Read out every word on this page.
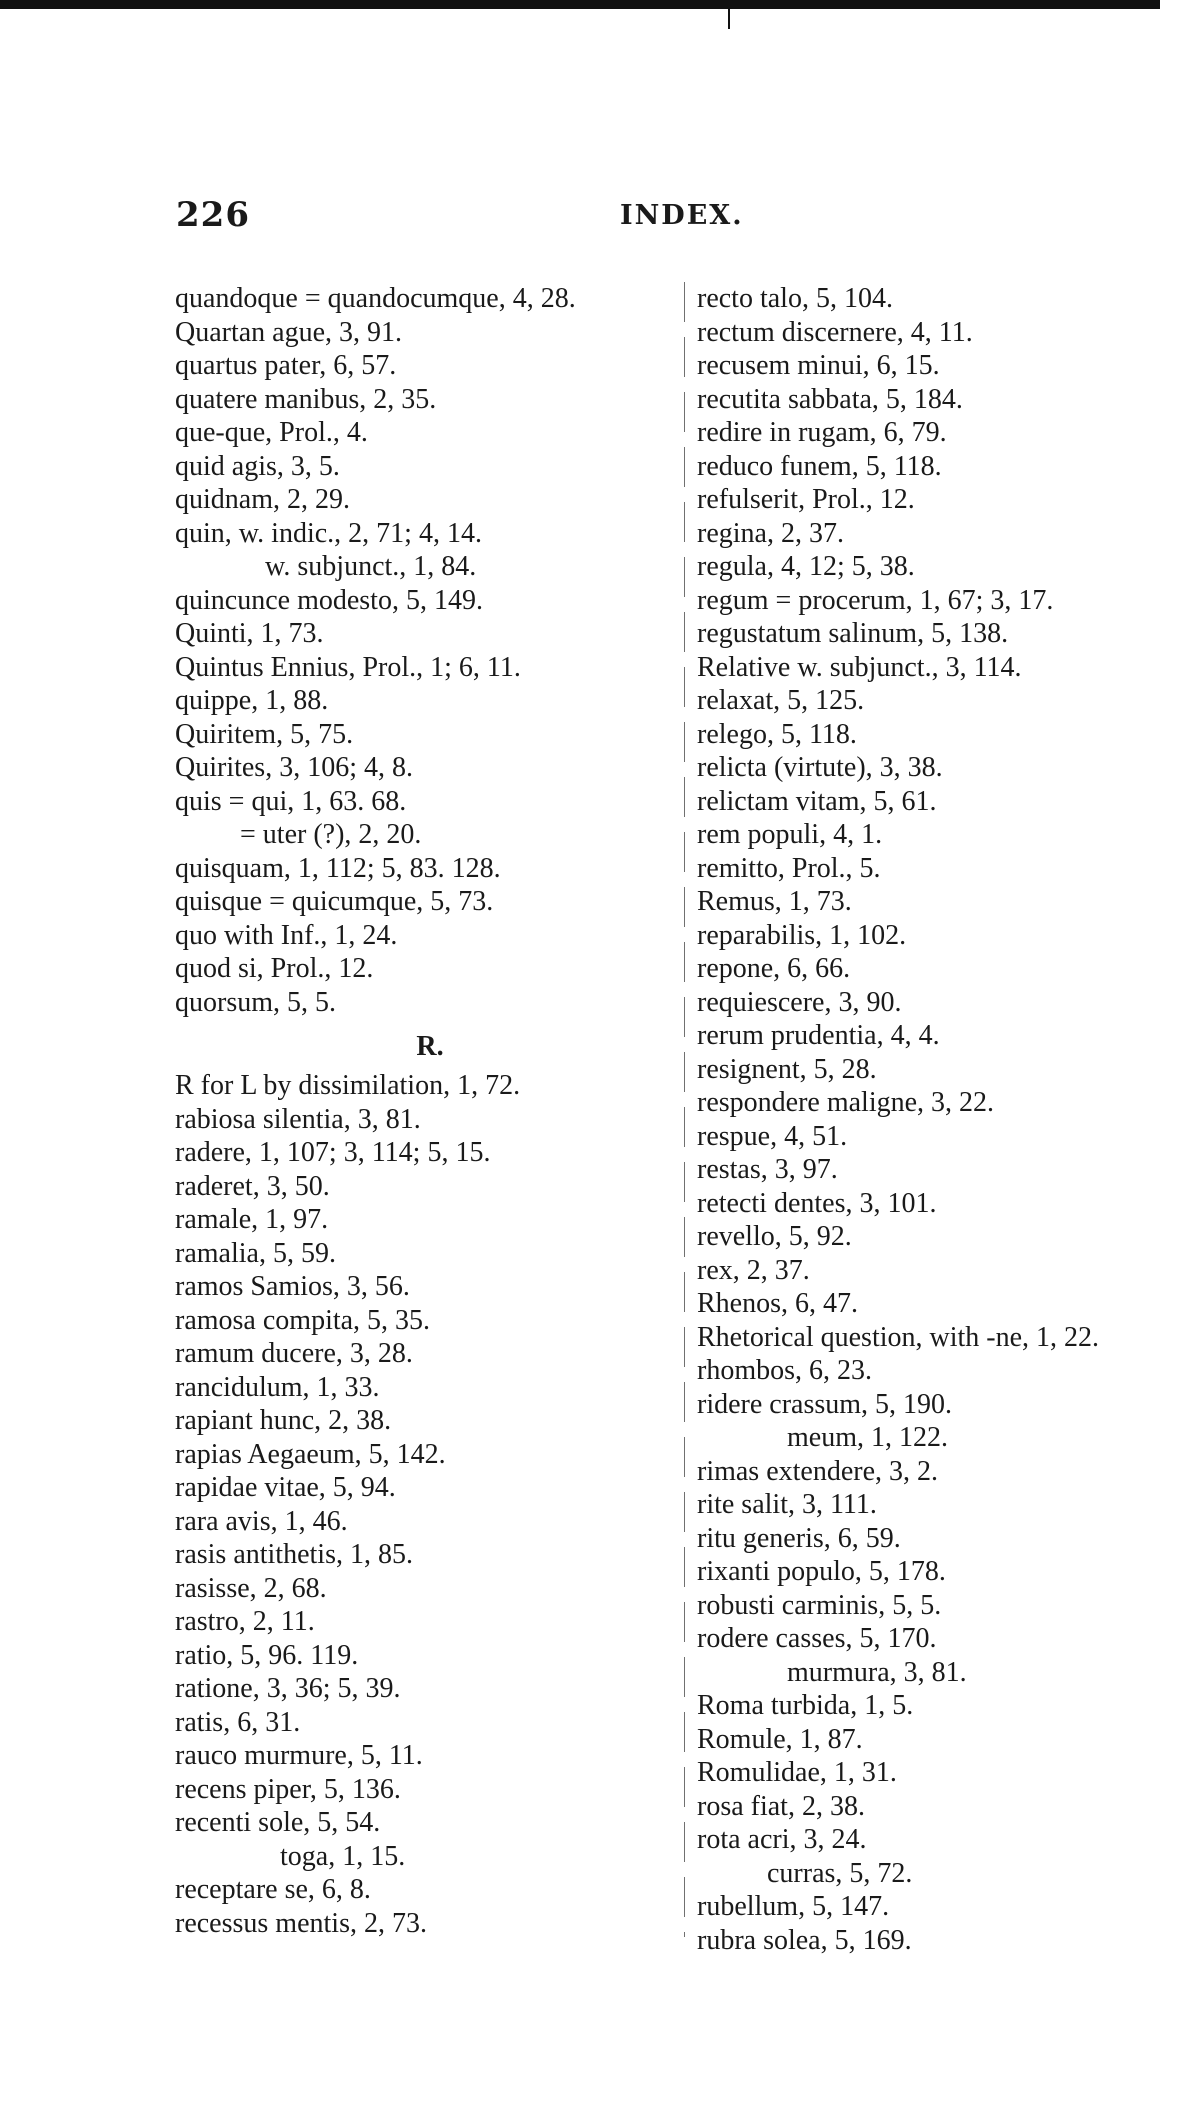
226	INDEX.
quandoque = quandocumque, 4, 28.
Quartan ague, 3, 91.
quartus pater, 6, 57.
quatere manibus, 2, 35.
que-que, Prol., 4.
quid agis, 3, 5.
quidnam, 2, 29.
quin, w. indic., 2, 71; 4, 14.
w. subjunct., 1, 84.
quincunce modesto, 5, 149.
Quinti, 1, 73.
Quintus Ennius, Prol., 1; 6, 11.
quippe, 1, 88.
Quiritem, 5, 75.
Quirites, 3, 106; 4, 8.
quis = qui, 1, 63. 68.
= uter (?), 2, 20.
quisquam, 1, 112; 5, 83. 128.
quisque = quicumque, 5, 73.
quo with Inf., 1, 24.
quod si, Prol., 12.
quorsum, 5, 5.
R.
R for L by dissimilation, 1, 72.
rabiosa silentia, 3, 81.
radere, 1, 107; 3, 114; 5, 15.
raderet, 3, 50.
ramale, 1, 97.
ramalia, 5, 59.
ramos Samios, 3, 56.
ramosa compita, 5, 35.
ramum ducere, 3, 28.
rancidulum, 1, 33.
rapiant hunc, 2, 38.
rapias Aegaeum, 5, 142.
rapidae vitae, 5, 94.
rara avis, 1, 46.
rasis antithetis, 1, 85.
rasisse, 2, 68.
rastro, 2, 11.
ratio, 5, 96. 119.
ratione, 3, 36; 5, 39.
ratis, 6, 31.
rauco murmure, 5, 11.
recens piper, 5, 136.
recenti sole, 5, 54.
toga, 1, 15.
receptare se, 6, 8.
recessus mentis, 2, 73.
recto talo, 5, 104.
rectum discernere, 4, 11.
recusem minui, 6, 15.
recutita sabbata, 5, 184.
redire in rugam, 6, 79.
reduco funem, 5, 118.
refulserit, Prol., 12.
regina, 2, 37.
regula, 4, 12; 5, 38.
regum = procerum, 1, 67; 3, 17.
regustatum salinum, 5, 138.
Relative w. subjunct., 3, 114.
relaxat, 5, 125.
relego, 5, 118.
relicta (virtute), 3, 38.
relictam vitam, 5, 61.
rem populi, 4, 1.
remitto, Prol., 5.
Remus, 1, 73.
reparabilis, 1, 102.
repone, 6, 66.
requiescere, 3, 90.
rerum prudentia, 4, 4.
resignent, 5, 28.
respondere maligne, 3, 22.
respue, 4, 51.
restas, 3, 97.
retecti dentes, 3, 101.
revello, 5, 92.
rex, 2, 37.
Rhenos, 6, 47.
Rhetorical question, with -ne, 1, 22.
rhombos, 6, 23.
ridere crassum, 5, 190.
meum, 1, 122.
rimas extendere, 3, 2.
rite salit, 3, 111.
ritu generis, 6, 59.
rixanti populo, 5, 178.
robusti carminis, 5, 5.
rodere casses, 5, 170.
murmura, 3, 81.
Roma turbida, 1, 5.
Romule, 1, 87.
Romulidae, 1, 31.
rosa fiat, 2, 38.
rota acri, 3, 24.
curras, 5, 72.
rubellum, 5, 147.
rubra solea, 5, 169.
